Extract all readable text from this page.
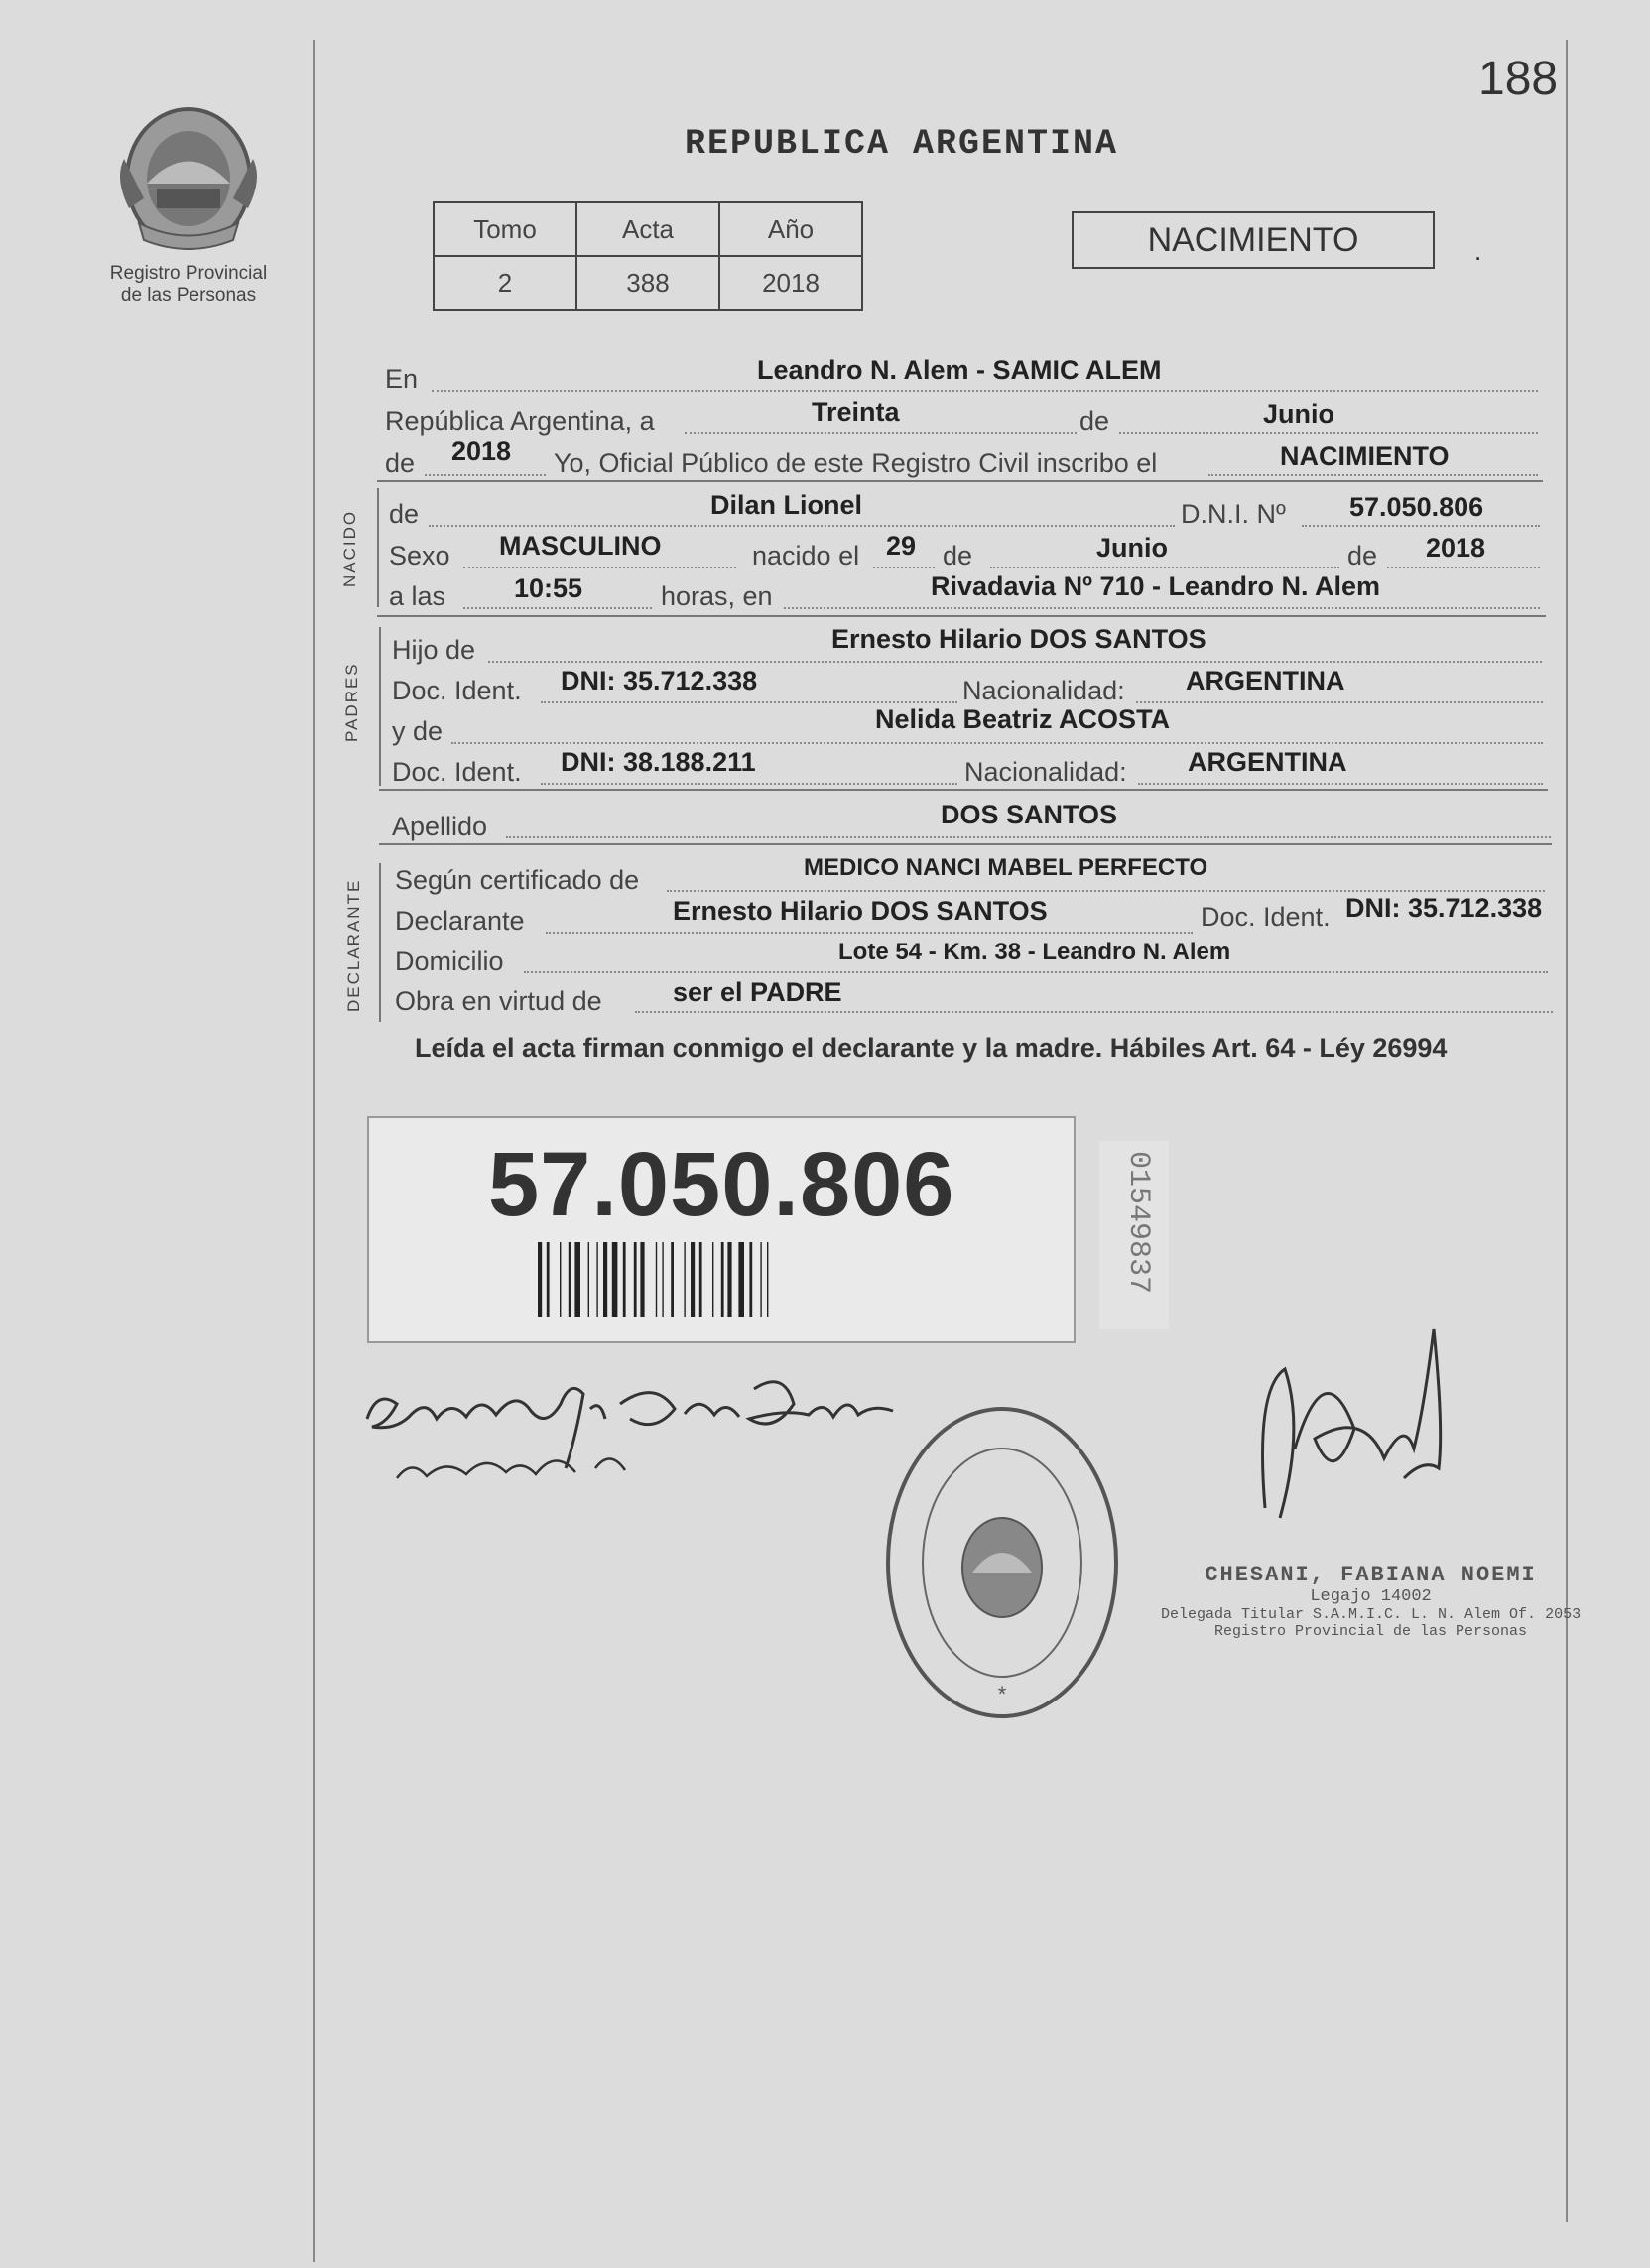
188
REPUBLICA ARGENTINA
Registro Provincial
de las Personas
Tomo	Acta	Año
2	388	2018
NACIMIENTO	.
En	Leandro N. Alem - SAMIC ALEM
República Argentina, a	Treinta	de	Junio
de 2018 Yo, Oficial Público de este Registro Civil inscribo el	NACIMIENTO
NACIDO de	Dilan Lionel	D.N.I. Nº 57.050.806
Sexo MASCULINO	nacido el 29 de	Junio	de 2018
a las	10:55	horas, en	Rivadavia Nº 710 - Leandro N. Alem
PADRES
Hijo de	Ernesto Hilario DOS SANTOS
Doc. Ident. DNI: 35.712.338	Nacionalidad: ARGENTINA
y de	Nelida Beatriz ACOSTA
Doc. Ident. DNI: 38.188.211	Nacionalidad: ARGENTINA
Apellido	DOS SANTOS
DECLARANTE Según certificado de	MEDICO NANCI MABEL PERFECTO
Declarante	Ernesto Hilario DOS SANTOS	Doc. Ident. DNI: 35.712.338
Domicilio	Lote 54 - Km. 38 - Leandro N. Alem
Obra en virtud de	ser el PADRE
Leída el acta firman conmigo el declarante y la madre. Hábiles Art. 64 - Léy 26994
57.050.806	01549837
*
CHESANI, FABIANA NOEMI
Legajo 14002
Delegada Titular S.A.M.I.C. L. N. Alem Of. 2053
Registro Provincial de las Personas
